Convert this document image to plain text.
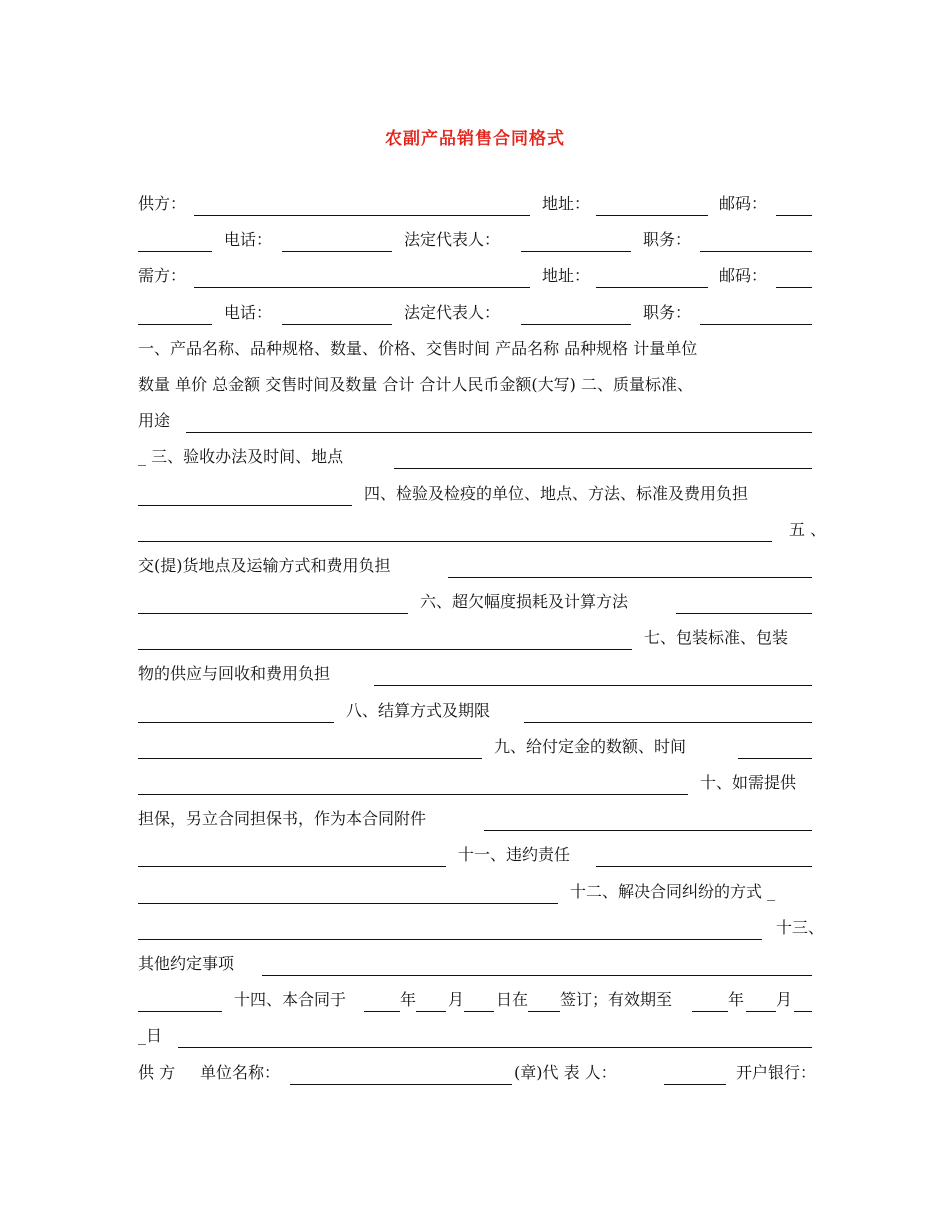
农副产品销售合同格式
供方：	地址：	邮码：
电话：	法定代表人：	职务：
需方：	地址：	邮码：
电话：	法定代表人：	职务：
一、产品名称、品种规格、数量、价格、交售时间 产品名称 品种规格 计量单位
数量 单价 总金额 交售时间及数量 合计 合计人民币金额(大写) 二、质量标准、
用途
_ 三、验收办法及时间、地点
四、检验及检疫的单位、地点、方法、标准及费用负担
五 、
交(提)货地点及运输方式和费用负担
六、超欠幅度损耗及计算方法
七、包装标准、包装
物的供应与回收和费用负担
八、结算方式及期限
九、给付定金的数额、时间
十、如需提供
担保，另立合同担保书，作为本合同附件
十一、违约责任
十二、解决合同纠纷的方式 _
十三、
其他约定事项
十四、本合同于	年 月 日在 签订；有效期至	年 月
_日
供 方 单位名称：	(章)代 表 人：	开户银行：
